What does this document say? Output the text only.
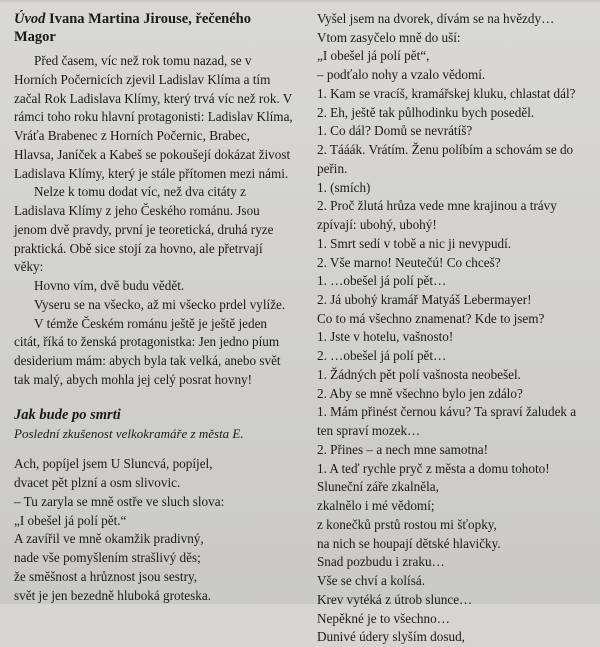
Úvod Ivana Martina Jirouse, řečeného Magor

Před časem, víc než rok tomu nazad, se v Horních Počernicích zjevil Ladislav Klíma a tím začal Rok Ladislava Klímy, který trvá víc než rok. V rámci toho roku hlavní protagonisti: Ladislav Klíma, Vráťa Brabenec z Horních Počernic, Brabec, Hlavsa, Janíček a Kabeš se pokoušejí dokázat živost Ladislava Klímy, který je stále přítomen mezi námi.

Nelze k tomu dodat víc, než dva citáty z Ladislava Klímy z jeho Českého románu. Jsou jenom dvě pravdy, první je teoretická, druhá ryze praktická. Obě sice stojí za hovno, ale přetrvají věky:

Hovno vím, dvě budu vědět.

Vyseru se na všecko, až mi všecko prdel vylíže.

V témže Českém románu ještě je ještě jeden citát, říká to ženská protagonistka: Jen jedno píum desiderium mám: abych byla tak velká, anebo svět tak malý, abych mohla jej celý posrat hovny!

Jak bude po smrti

Poslední zkušenost velkokramáře z města E.

Ach, popíjel jsem U Sluncvá, popíjel,
dvacet pět plzní a osm slivovic.
– Tu zaryla se mně ostře ve sluch slova:
„I obešel já polí pět.“
A zavířil ve mně okamžik pradivný,
nade vše pomyšlením strašlivý děs;
že směšnost a hrůznost jsou sestry,
svět je jen bezedně hluboká groteska.
Vyšel jsem na dvorek, dívám se na hvězdy…
Vtom zasyčelo mně do uší:
„I obešel já polí pět“,
– podťalo nohy a vzalo vědomí.
1. Kam se vracíš, kramářskej kluku, chlastat dál?
2. Eh, ještě tak půlhodinku bych poseděl.
1. Co dál? Domů se nevrátíš?
2. Tááák. Vrátím. Ženu políbím a schovám se do peřin.
1. (smích)
2. Proč žlutá hrůza vede mne krajinou a trávy zpívají: ubohý, ubohý!
1. Smrt sedí v tobě a nic ji nevypudí.
2. Vše marno! Neutečú! Co chceš?
1. …obešel já polí pět…
2. Já ubohý kramář Matyáš Lebermayer!
Co to má všechno znamenat? Kde to jsem?
1. Jste v hotelu, vašnosto!
2. …obešel já polí pět…
1. Žádných pět polí vašnosta neobešel.
2. Aby se mně všechno bylo jen zdálo?
1. Mám přinést černou kávu? Ta spraví žaludek a ten spraví mozek…
2. Přines – a nech mne samotna!
1. A teď rychle pryč z města a domu tohoto!
Sluneční záře zkalněla,
zkalnělo i mé vědomí;
z konečků prstů rostou mi šťopky,
na nich se houpají dětské hlavičky.
Snad pozbudu i zraku…
Vše se chví a kolísá.
Krev vytéká z útrob slunce…
Nepěkné je to všechno…
Dunivé údery slyším dosud,
